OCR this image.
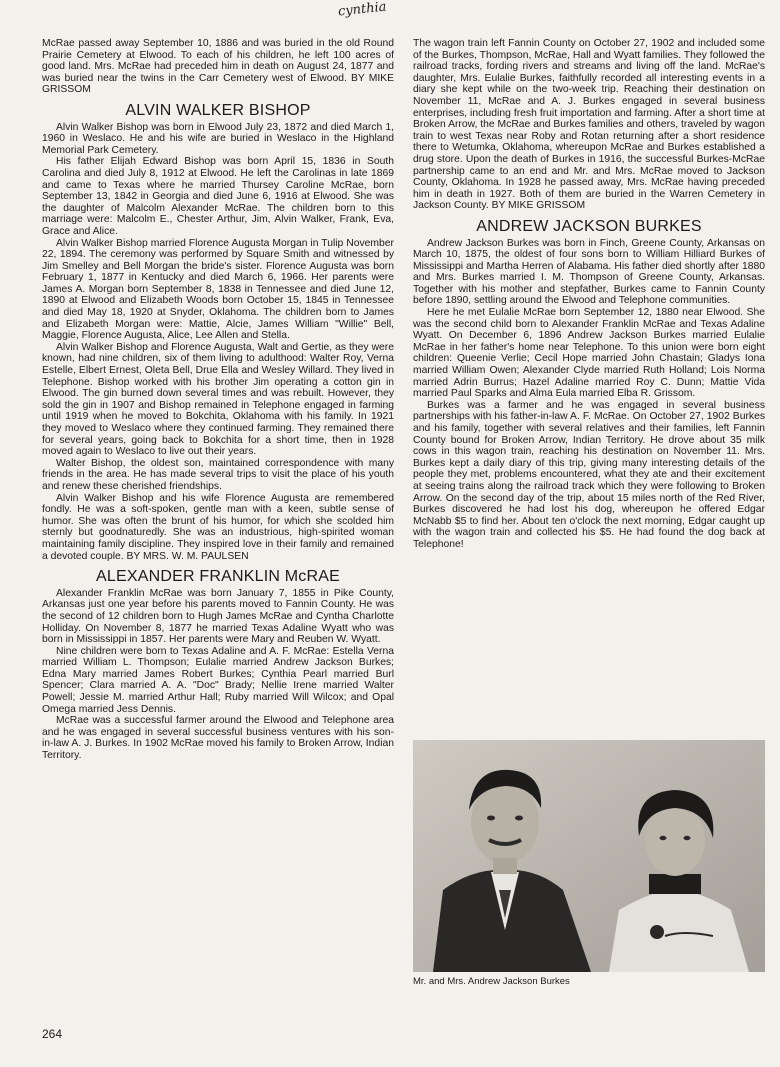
cynthia

McRae passed away September 10, 1886 and was buried in the old Round Prairie Cemetery at Elwood. To each of his children, he left 100 acres of good land. Mrs. McRae had preceded him in death on August 24, 1877 and was buried near the twins in the Carr Cemetery west of Elwood. BY MIKE GRISSOM

ALVIN WALKER BISHOP

Alvin Walker Bishop was born in Elwood July 23, 1872 and died March 1, 1960 in Weslaco. He and his wife are buried in Weslaco in the Highland Memorial Park Cemetery.

His father Elijah Edward Bishop was born April 15, 1836 in South Carolina and died July 8, 1912 at Elwood. He left the Carolinas in late 1869 and came to Texas where he married Thursey Caroline McRae, born September 13, 1842 in Georgia and died June 6, 1916 at Elwood. She was the daughter of Malcolm Alexander McRae. The children born to this marriage were: Malcolm E., Chester Arthur, Jim, Alvin Walker, Frank, Eva, Grace and Alice.

Alvin Walker Bishop married Florence Augusta Morgan in Tulip November 22, 1894. The ceremony was performed by Square Smith and witnessed by Jim Smelley and Bell Morgan the bride's sister. Florence Augusta was born February 1, 1877 in Kentucky and died March 6, 1966. Her parents were James A. Morgan born September 8, 1838 in Tennessee and died June 12, 1890 at Elwood and Elizabeth Woods born October 15, 1845 in Tennessee and died May 18, 1920 at Snyder, Oklahoma. The children born to James and Elizabeth Morgan were: Mattie, Alcie, James William "Willie" Bell, Maggie, Florence Augusta, Alice, Lee Allen and Stella.

Alvin Walker Bishop and Florence Augusta, Walt and Gertie, as they were known, had nine children, six of them living to adulthood: Walter Roy, Verna Estelle, Elbert Ernest, Oleta Bell, Drue Ella and Wesley Willard. They lived in Telephone. Bishop worked with his brother Jim operating a cotton gin in Elwood. The gin burned down several times and was rebuilt. However, they sold the gin in 1907 and Bishop remained in Telephone engaged in farming until 1919 when he moved to Bokchita, Oklahoma with his family. In 1921 they moved to Weslaco where they continued farming. They remained there for several years, going back to Bokchita for a short time, then in 1928 moved again to Weslaco to live out their years.

Walter Bishop, the oldest son, maintained correspondence with many friends in the area. He has made several trips to visit the place of his youth and renew these cherished friendships.

Alvin Walker Bishop and his wife Florence Augusta are remembered fondly. He was a soft-spoken, gentle man with a keen, subtle sense of humor. She was often the brunt of his humor, for which she scolded him sternly but goodnaturedly. She was an industrious, high-spirited woman maintaining family discipline. They inspired love in their family and remained a devoted couple. BY MRS. W. M. PAULSEN

ALEXANDER FRANKLIN McRAE

Alexander Franklin McRae was born January 7, 1855 in Pike County, Arkansas just one year before his parents moved to Fannin County. He was the second of 12 children born to Hugh James McRae and Cyntha Charlotte Holliday. On November 8, 1877 he married Texas Adaline Wyatt who was born in Mississippi in 1857. Her parents were Mary and Reuben W. Wyatt.

Nine children were born to Texas Adaline and A. F. McRae: Estella Verna married William L. Thompson; Eulalie married Andrew Jackson Burkes; Edna Mary married James Robert Burkes; Cynthia Pearl married Burl Spencer; Clara married A. A. "Doc" Brady; Nellie Irene married Walter Powell; Jessie M. married Arthur Hall; Ruby married Will Wilcox; and Opal Omega married Jess Dennis.

McRae was a successful farmer around the Elwood and Telephone area and he was engaged in several successful business ventures with his son-in-law A. J. Burkes. In 1902 McRae moved his family to Broken Arrow, Indian Territory.

The wagon train left Fannin County on October 27, 1902 and included some of the Burkes, Thompson, McRae, Hall and Wyatt families. They followed the railroad tracks, fording rivers and streams and living off the land. McRae's daughter, Mrs. Eulalie Burkes, faithfully recorded all interesting events in a diary she kept while on the two-week trip. Reaching their destination on November 11, McRae and A. J. Burkes engaged in several business enterprises, including fresh fruit importation and farming. After a short time at Broken Arrow, the McRae and Burkes families and others, traveled by wagon train to west Texas near Roby and Rotan returning after a short residence there to Wetumka, Oklahoma, whereupon McRae and Burkes established a drug store. Upon the death of Burkes in 1916, the successful Burkes-McRae partnership came to an end and Mr. and Mrs. McRae moved to Jackson County, Oklahoma. In 1928 he passed away, Mrs. McRae having preceded him in death in 1927. Both of them are buried in the Warren Cemetery in Jackson County. BY MIKE GRISSOM

ANDREW JACKSON BURKES

Andrew Jackson Burkes was born in Finch, Greene County, Arkansas on March 10, 1875, the oldest of four sons born to William Hilliard Burkes of Mississippi and Martha Herren of Alabama. His father died shortly after 1880 and Mrs. Burkes married I. M. Thompson of Greene County, Arkansas. Together with his mother and stepfather, Burkes came to Fannin County before 1890, settling around the Elwood and Telephone communities.

Here he met Eulalie McRae born September 12, 1880 near Elwood. She was the second child born to Alexander Franklin McRae and Texas Adaline Wyatt. On December 6, 1896 Andrew Jackson Burkes married Eulalie McRae in her father's home near Telephone. To this union were born eight children: Queenie Verlie; Cecil Hope married John Chastain; Gladys Iona married William Owen; Alexander Clyde married Ruth Holland; Lois Norma married Adrin Burrus; Hazel Adaline married Roy C. Dunn; Mattie Vida married Paul Sparks and Alma Eula married Elba R. Grissom.

Burkes was a farmer and he was engaged in several business partnerships with his father-in-law A. F. McRae. On October 27, 1902 Burkes and his family, together with several relatives and their families, left Fannin County bound for Broken Arrow, Indian Territory. He drove about 35 milk cows in this wagon train, reaching his destination on November 11. Mrs. Burkes kept a daily diary of this trip, giving many interesting details of the people they met, problems encountered, what they ate and their excitement at seeing trains along the railroad track which they were following to Broken Arrow. On the second day of the trip, about 15 miles north of the Red River, Burkes discovered he had lost his dog, whereupon he offered Edgar McNabb $5 to find her. About ten o'clock the next morning, Edgar caught up with the wagon train and collected his $5. He had found the dog back at Telephone!

Mr. and Mrs. Andrew Jackson Burkes
264
